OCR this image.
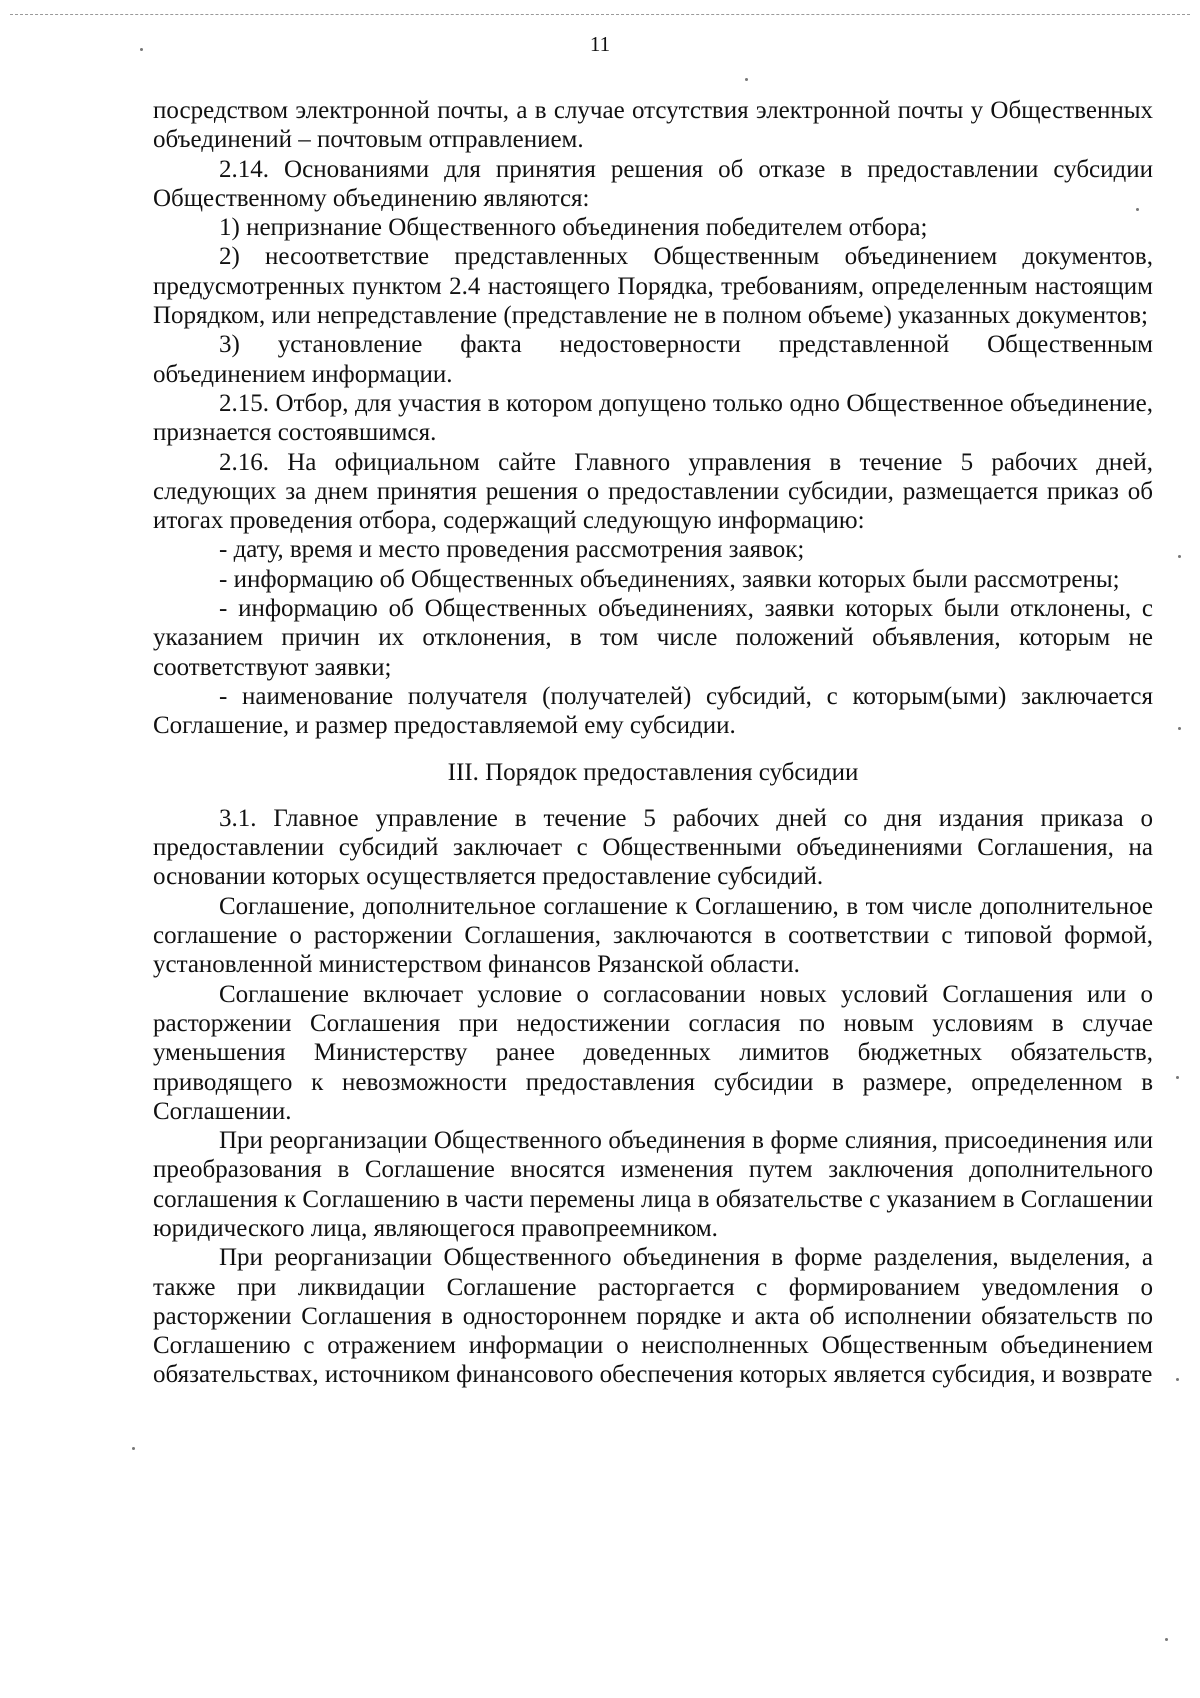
11

посредством электронной почты, а в случае отсутствия электронной почты у Общественных объединений – почтовым отправлением.

2.14. Основаниями для принятия решения об отказе в предоставлении субсидии Общественному объединению являются:

1) непризнание Общественного объединения победителем отбора;

2) несоответствие представленных Общественным объединением документов, предусмотренных пунктом 2.4 настоящего Порядка, требованиям, определенным настоящим Порядком, или непредставление (представление не в полном объеме) указанных документов;

3) установление факта недостоверности представленной Общественным объединением информации.

2.15. Отбор, для участия в котором допущено только одно Общественное объединение, признается состоявшимся.

2.16. На официальном сайте Главного управления в течение 5 рабочих дней, следующих за днем принятия решения о предоставлении субсидии, размещается приказ об итогах проведения отбора, содержащий следующую информацию:

- дату, время и место проведения рассмотрения заявок;

- информацию об Общественных объединениях, заявки которых были рассмотрены;

- информацию об Общественных объединениях, заявки которых были отклонены, с указанием причин их отклонения, в том числе положений объявления, которым не соответствуют заявки;

- наименование получателя (получателей) субсидий, с которым(ыми) заключается Соглашение, и размер предоставляемой ему субсидии.

III. Порядок предоставления субсидии

3.1. Главное управление в течение 5 рабочих дней со дня издания приказа о предоставлении субсидий заключает с Общественными объединениями Соглашения, на основании которых осуществляется предоставление субсидий.

Соглашение, дополнительное соглашение к Соглашению, в том числе дополнительное соглашение о расторжении Соглашения, заключаются в соответствии с типовой формой, установленной министерством финансов Рязанской области.

Соглашение включает условие о согласовании новых условий Соглашения или о расторжении Соглашения при недостижении согласия по новым условиям в случае уменьшения Министерству ранее доведенных лимитов бюджетных обязательств, приводящего к невозможности предоставления субсидии в размере, определенном в Соглашении.

При реорганизации Общественного объединения в форме слияния, присоединения или преобразования в Соглашение вносятся изменения путем заключения дополнительного соглашения к Соглашению в части перемены лица в обязательстве с указанием в Соглашении юридического лица, являющегося правопреемником.

При реорганизации Общественного объединения в форме разделения, выделения, а также при ликвидации Соглашение расторгается с формированием уведомления о расторжении Соглашения в одностороннем порядке и акта об исполнении обязательств по Соглашению с отражением информации о неисполненных Общественным объединением обязательствах, источником финансового обеспечения которых является субсидия, и возврате
